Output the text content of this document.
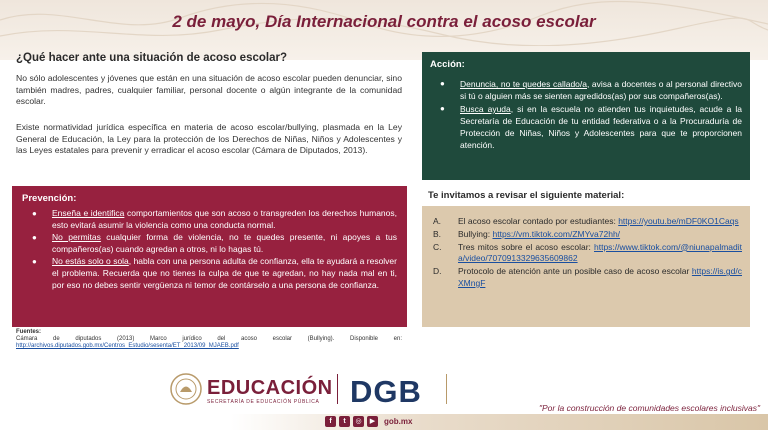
2 de mayo, Día Internacional contra el acoso escolar
¿Qué hacer ante una situación de acoso escolar?

No sólo adolescentes y jóvenes que están en una situación de acoso escolar pueden denunciar, sino también madres, padres, cualquier familiar, personal docente o algún integrante de la comunidad escolar.

Existe normatividad jurídica específica en materia de acoso escolar/bullying, plasmada en la Ley General de Educación, la Ley para la protección de los Derechos de Niñas, Niños y Adolescentes y las Leyes estatales para prevenir y erradicar el acoso escolar (Cámara de Diputados, 2013).

Prevención:
● Enseña e identifica comportamientos que son acoso o transgreden los derechos humanos, esto evitará asumir la violencia como una conducta normal.
● No permitas cualquier forma de violencia, no te quedes presente, ni apoyes a tus compañeros(as) cuando agredan a otros, ni lo hagas tú.
● No estás solo o sola, habla con una persona adulta de confianza, ella te ayudará a resolver el problema. Recuerda que no tienes la culpa de que te agredan, no hay nada mal en ti, por eso no debes sentir vergüenza ni temor de contárselo a una persona de confianza.
Fuentes:
Cámara de diputados (2013) Marco jurídico del acoso escolar (Bullying). Disponible en: http://archivos.diputados.gob.mx/Centros_Estudio/sesenta/ET_2013/09_MJAEB.pdf
Acción:
● Denuncia, no te quedes callado/a, avisa a docentes o al personal directivo si tú o alguien más se sienten agredidos(as) por sus compañeros(as).
● Busca ayuda, si en la escuela no atienden tus inquietudes, acude a la Secretaría de Educación de tu entidad federativa o a la Procuraduría de Protección de Niñas, Niños y Adolescentes para que te proporcionen atención.
Te invitamos a revisar el siguiente material:
A. El acoso escolar contado por estudiantes: https://youtu.be/mDF0KO1Caqs
B. Bullying: https://vm.tiktok.com/ZMYva72hh/
C. Tres mitos sobre el acoso escolar: https://www.tiktok.com/@niunapalmadita/video/7070913329635609862
D. Protocolo de atención ante un posible caso de acoso escolar https://is.gd/cXMngF
EDUCACIÓN
SECRETARÍA DE EDUCACIÓN PÚBLICA DGB	"Por la construcción de comunidades escolares inclusivas"
f	t	◎	▶	gob.mx
